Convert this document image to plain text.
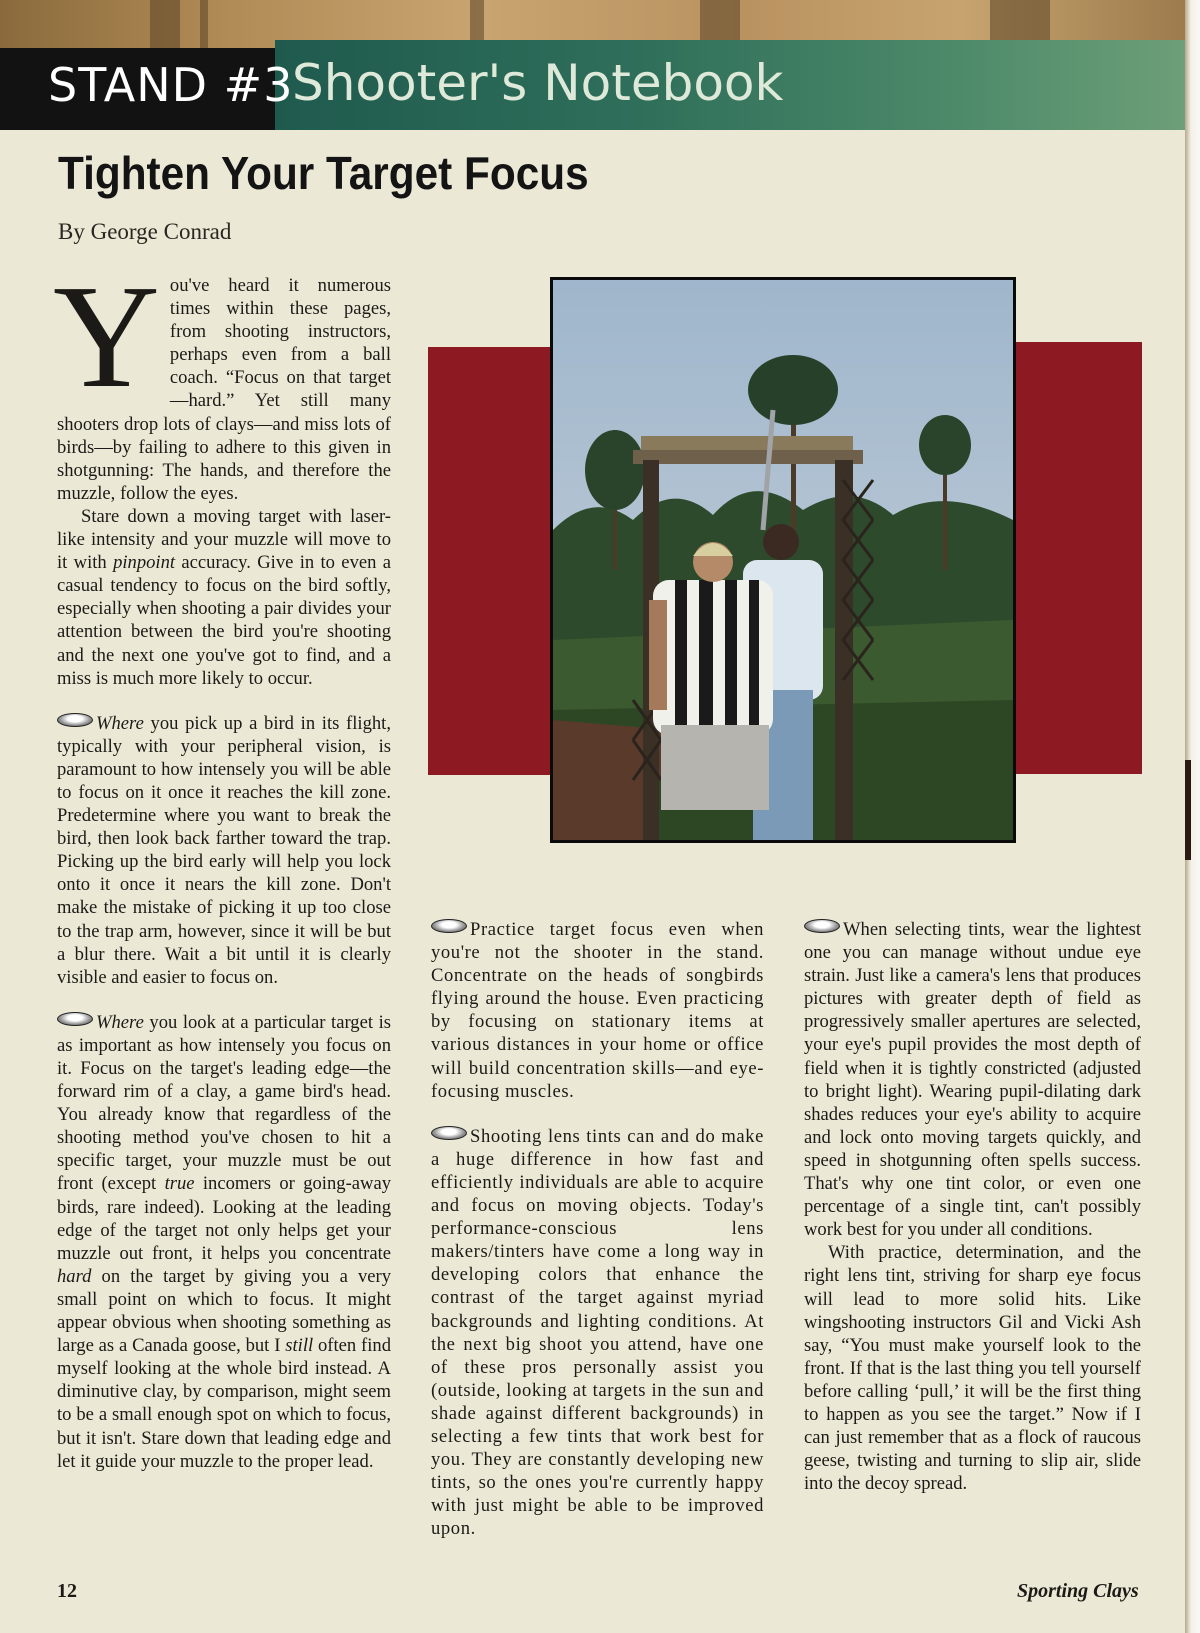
STAND #3
Shooter's Notebook
Tighten Your Target Focus
By George Conrad

You've heard it numerous times within these pages, from shooting instructors, perhaps even from a ball coach. “Focus on that target—hard.” Yet still many shooters drop lots of clays—and miss lots of birds—by failing to adhere to this given in shotgunning: The hands, and therefore the muzzle, follow the eyes.

Stare down a moving target with laser-like intensity and your muzzle will move to it with pinpoint accuracy. Give in to even a casual tendency to focus on the bird softly, especially when shooting a pair divides your attention between the bird you're shooting and the next one you've got to find, and a miss is much more likely to occur.

Where you pick up a bird in its flight, typically with your peripheral vision, is paramount to how intensely you will be able to focus on it once it reaches the kill zone. Predetermine where you want to break the bird, then look back farther toward the trap. Picking up the bird early will help you lock onto it once it nears the kill zone. Don't make the mistake of picking it up too close to the trap arm, however, since it will be but a blur there. Wait a bit until it is clearly visible and easier to focus on.

Where you look at a particular target is as important as how intensely you focus on it. Focus on the target's leading edge—the forward rim of a clay, a game bird's head. You already know that regardless of the shooting method you've chosen to hit a specific target, your muzzle must be out front (except true incomers or going-away birds, rare indeed). Looking at the leading edge of the target not only helps get your muzzle out front, it helps you concentrate hard on the target by giving you a very small point on which to focus. It might appear obvious when shooting something as large as a Canada goose, but I still often find myself looking at the whole bird instead. A diminutive clay, by comparison, might seem to be a small enough spot on which to focus, but it isn't. Stare down that leading edge and let it guide your muzzle to the proper lead.

Practice target focus even when you're not the shooter in the stand. Concentrate on the heads of songbirds flying around the house. Even practicing by focusing on stationary items at various distances in your home or office will build concentration skills—and eye-focusing muscles.

Shooting lens tints can and do make a huge difference in how fast and efficiently individuals are able to acquire and focus on moving objects. Today's performance-conscious lens makers/tinters have come a long way in developing colors that enhance the contrast of the target against myriad backgrounds and lighting conditions. At the next big shoot you attend, have one of these pros personally assist you (outside, looking at targets in the sun and shade against different backgrounds) in selecting a few tints that work best for you. They are constantly developing new tints, so the ones you're currently happy with just might be able to be improved upon.

When selecting tints, wear the lightest one you can manage without undue eye strain. Just like a camera's lens that produces pictures with greater depth of field as progressively smaller apertures are selected, your eye's pupil provides the most depth of field when it is tightly constricted (adjusted to bright light). Wearing pupil-dilating dark shades reduces your eye's ability to acquire and lock onto moving targets quickly, and speed in shotgunning often spells success. That's why one tint color, or even one percentage of a single tint, can't possibly work best for you under all conditions.

With practice, determination, and the right lens tint, striving for sharp eye focus will lead to more solid hits. Like wingshooting instructors Gil and Vicki Ash say, “You must make yourself look to the front. If that is the last thing you tell yourself before calling ‘pull,’ it will be the first thing to happen as you see the target.” Now if I can just remember that as a flock of raucous geese, twisting and turning to slip air, slide into the decoy spread.

12	Sporting Clays
